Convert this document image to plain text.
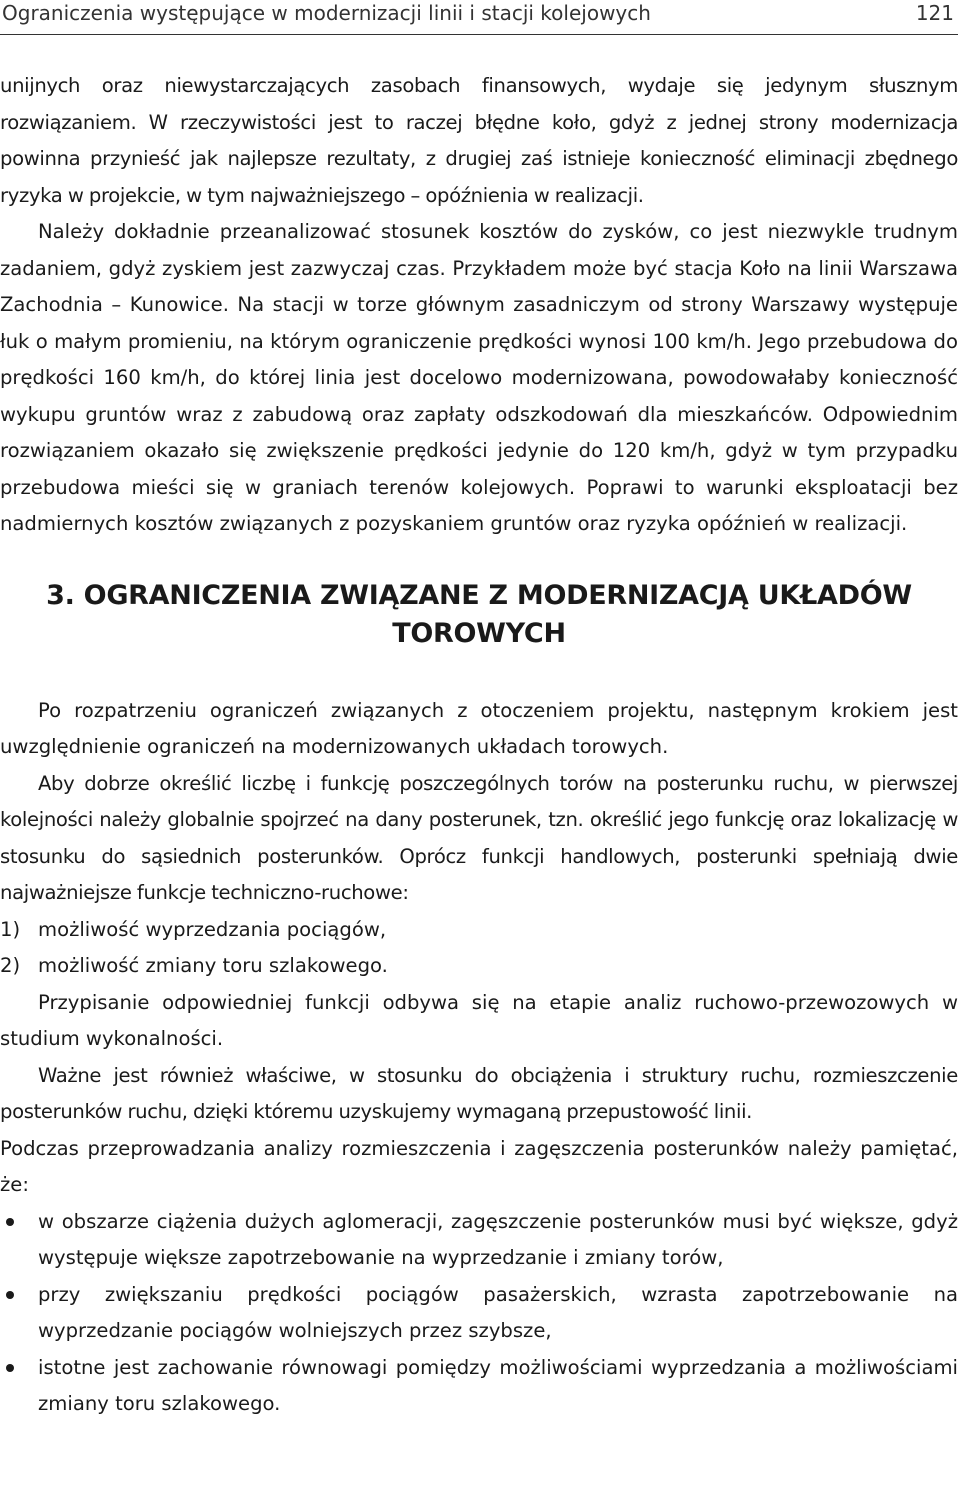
Ograniczenia występujące w modernizacji linii i stacji kolejowych	121

unijnych oraz niewystarczających zasobach finansowych, wydaje się jedynym słusznym rozwiązaniem. W rzeczywistości jest to raczej błędne koło, gdyż z jednej strony modernizacja powinna przynieść jak najlepsze rezultaty, z drugiej zaś istnieje konieczność eliminacji zbędnego ryzyka w projekcie, w tym najważniejszego – opóźnienia w realizacji.

Należy dokładnie przeanalizować stosunek kosztów do zysków, co jest niezwykle trudnym zadaniem, gdyż zyskiem jest zazwyczaj czas. Przykładem może być stacja Koło na linii Warszawa Zachodnia – Kunowice. Na stacji w torze głównym zasadniczym od strony Warszawy występuje łuk o małym promieniu, na którym ograniczenie prędkości wynosi 100 km/h. Jego przebudowa do prędkości 160 km/h, do której linia jest docelowo modernizowana, powodowałaby konieczność wykupu gruntów wraz z zabudową oraz zapłaty odszkodowań dla mieszkańców. Odpowiednim rozwiązaniem okazało się zwiększenie prędkości jedynie do 120 km/h, gdyż w tym przypadku przebudowa mieści się w graniach terenów kolejowych. Poprawi to warunki eksploatacji bez nadmiernych kosztów związanych z pozyskaniem gruntów oraz ryzyka opóźnień w realizacji.

3. OGRANICZENIA ZWIĄZANE Z MODERNIZACJĄ UKŁADÓW
TOROWYCH

Po rozpatrzeniu ograniczeń związanych z otoczeniem projektu, następnym krokiem jest uwzględnienie ograniczeń na modernizowanych układach torowych.

Aby dobrze określić liczbę i funkcję poszczególnych torów na posterunku ruchu, w pierwszej kolejności należy globalnie spojrzeć na dany posterunek, tzn. określić jego funkcję oraz lokalizację w stosunku do sąsiednich posterunków. Oprócz funkcji handlowych, posterunki spełniają dwie najważniejsze funkcje techniczno-ruchowe:

1) możliwość wyprzedzania pociągów,
2) możliwość zmiany toru szlakowego.

Przypisanie odpowiedniej funkcji odbywa się na etapie analiz ruchowo-przewozowych w studium wykonalności.

Ważne jest również właściwe, w stosunku do obciążenia i struktury ruchu, rozmieszczenie posterunków ruchu, dzięki któremu uzyskujemy wymaganą przepustowość linii.

Podczas przeprowadzania analizy rozmieszczenia i zagęszczenia posterunków należy pamiętać, że:

w obszarze ciążenia dużych aglomeracji, zagęszczenie posterunków musi być większe, gdyż występuje większe zapotrzebowanie na wyprzedzanie i zmiany torów,
przy zwiększaniu prędkości pociągów pasażerskich, wzrasta zapotrzebowanie na wyprzedzanie pociągów wolniejszych przez szybsze,
istotne jest zachowanie równowagi pomiędzy możliwościami wyprzedzania a możliwościami zmiany toru szlakowego.
